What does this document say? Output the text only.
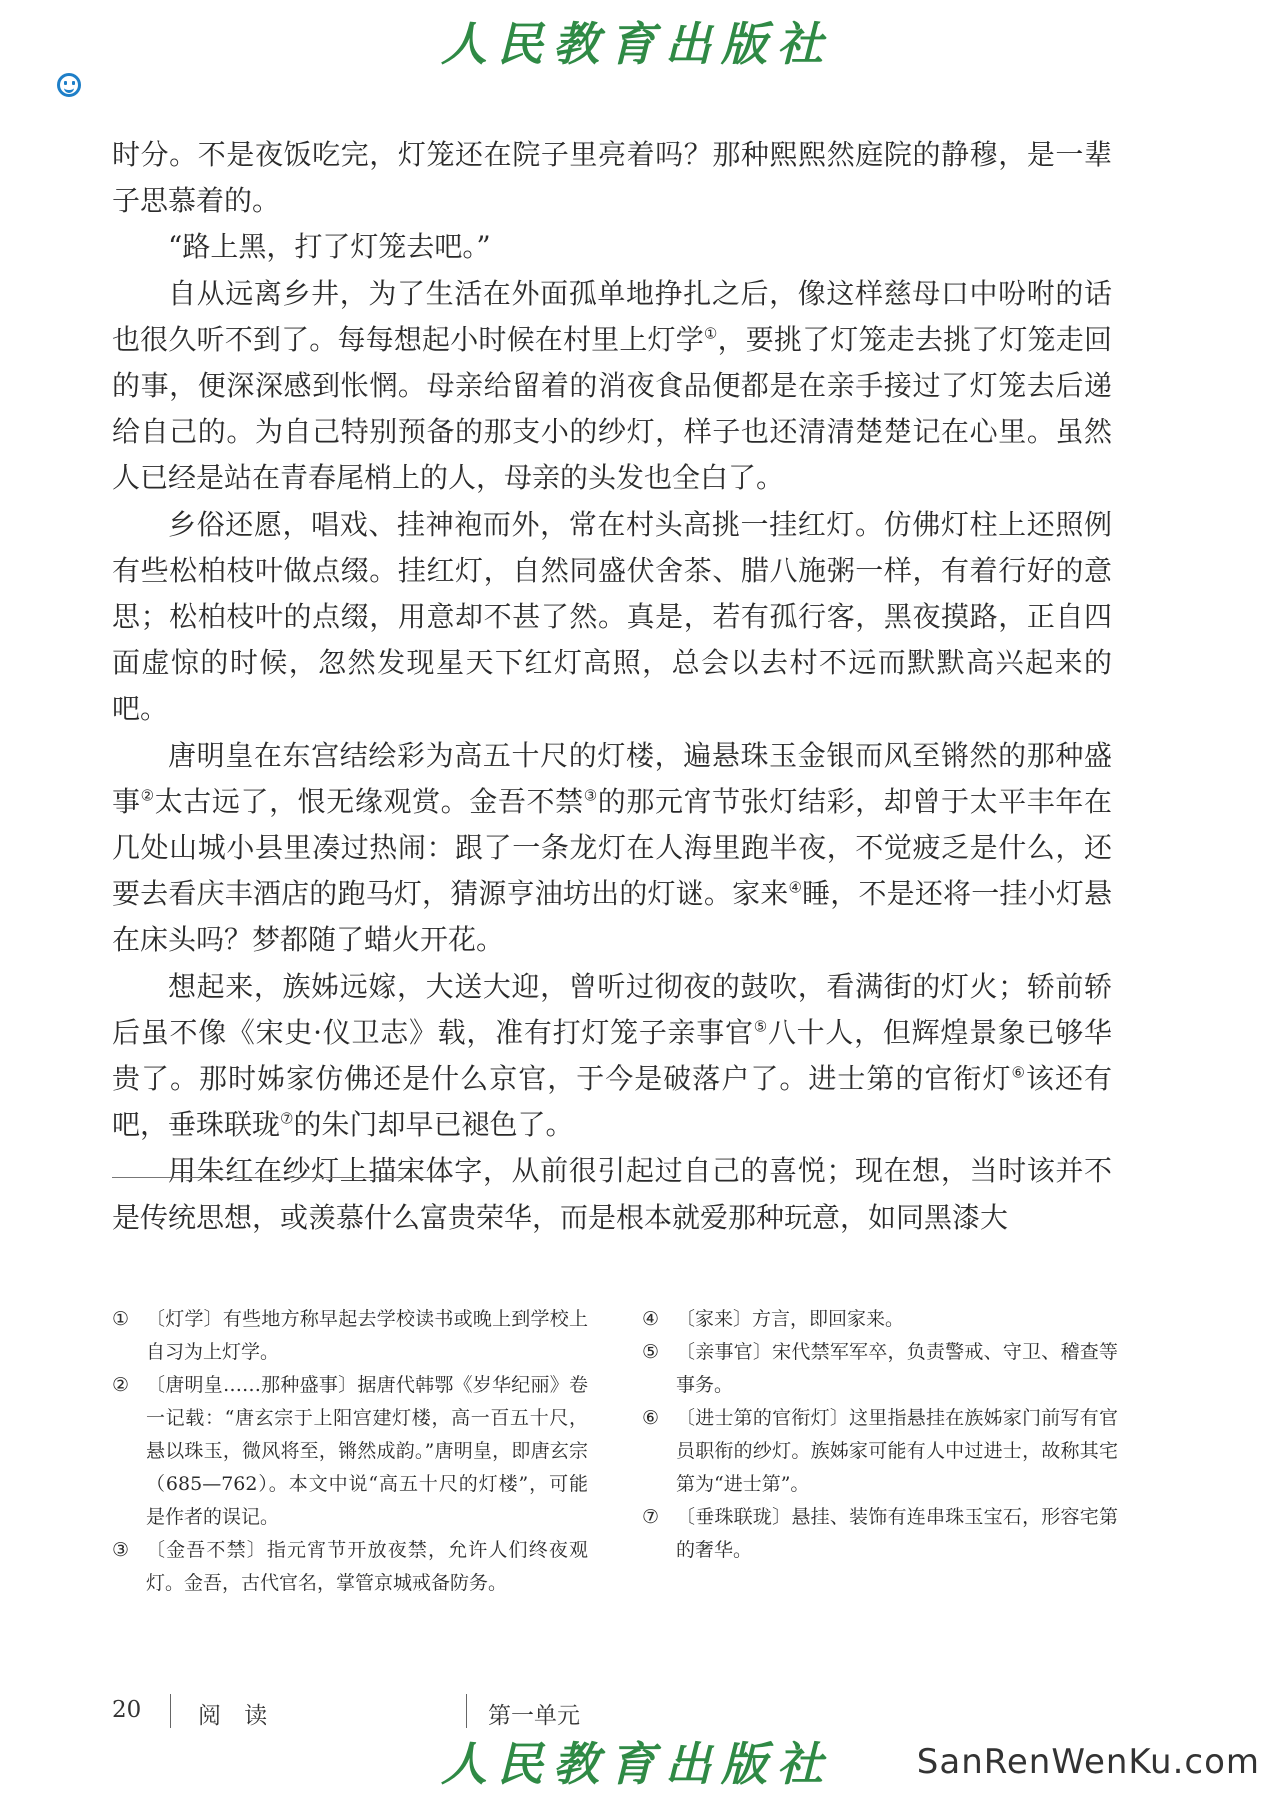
人民教育出版社

时分。不是夜饭吃完，灯笼还在院子里亮着吗？那种熙熙然庭院的静穆，是一辈子思慕着的。

“路上黑，打了灯笼去吧。”

自从远离乡井，为了生活在外面孤单地挣扎之后，像这样慈母口中吩咐的话也很久听不到了。每每想起小时候在村里上灯学①，要挑了灯笼走去挑了灯笼走回的事，便深深感到怅惘。母亲给留着的消夜食品便都是在亲手接过了灯笼去后递给自己的。为自己特别预备的那支小的纱灯，样子也还清清楚楚记在心里。虽然人已经是站在青春尾梢上的人，母亲的头发也全白了。

乡俗还愿，唱戏、挂神袍而外，常在村头高挑一挂红灯。仿佛灯柱上还照例有些松柏枝叶做点缀。挂红灯，自然同盛伏舍茶、腊八施粥一样，有着行好的意思；松柏枝叶的点缀，用意却不甚了然。真是，若有孤行客，黑夜摸路，正自四面虚惊的时候，忽然发现星天下红灯高照，总会以去村不远而默默高兴起来的吧。

唐明皇在东宫结绘彩为高五十尺的灯楼，遍悬珠玉金银而风至锵然的那种盛事②太古远了，恨无缘观赏。金吾不禁③的那元宵节张灯结彩，却曾于太平丰年在几处山城小县里凑过热闹：跟了一条龙灯在人海里跑半夜，不觉疲乏是什么，还要去看庆丰酒店的跑马灯，猜源亨油坊出的灯谜。家来④睡，不是还将一挂小灯悬在床头吗？梦都随了蜡火开花。

想起来，族姊远嫁，大送大迎，曾听过彻夜的鼓吹，看满街的灯火；轿前轿后虽不像《宋史·仪卫志》载，准有打灯笼子亲事官⑤八十人，但辉煌景象已够华贵了。那时姊家仿佛还是什么京官，于今是破落户了。进士第的官衔灯⑥该还有吧，垂珠联珑⑦的朱门却早已褪色了。

用朱红在纱灯上描宋体字，从前很引起过自己的喜悦；现在想，当时该并不是传统思想，或羡慕什么富贵荣华，而是根本就爱那种玩意，如同黑漆大

① 〔灯学〕有些地方称早起去学校读书或晚上到学校上自习为上灯学。

② 〔唐明皇……那种盛事〕据唐代韩鄂《岁华纪丽》卷一记载：“唐玄宗于上阳宫建灯楼，高一百五十尺，悬以珠玉，微风将至，锵然成韵。”唐明皇，即唐玄宗（685—762）。本文中说“高五十尺的灯楼”，可能是作者的误记。

③ 〔金吾不禁〕指元宵节开放夜禁，允许人们终夜观灯。金吾，古代官名，掌管京城戒备防务。

④ 〔家来〕方言，即回家来。

⑤ 〔亲事官〕宋代禁军军卒，负责警戒、守卫、稽查等事务。

⑥ 〔进士第的官衔灯〕这里指悬挂在族姊家门前写有官员职衔的纱灯。族姊家可能有人中过进士，故称其宅第为“进士第”。

⑦ 〔垂珠联珑〕悬挂、装饰有连串珠玉宝石，形容宅第的奢华。

20 阅 读	第一单元
人民教育出版社	SanRenWenKu.com
